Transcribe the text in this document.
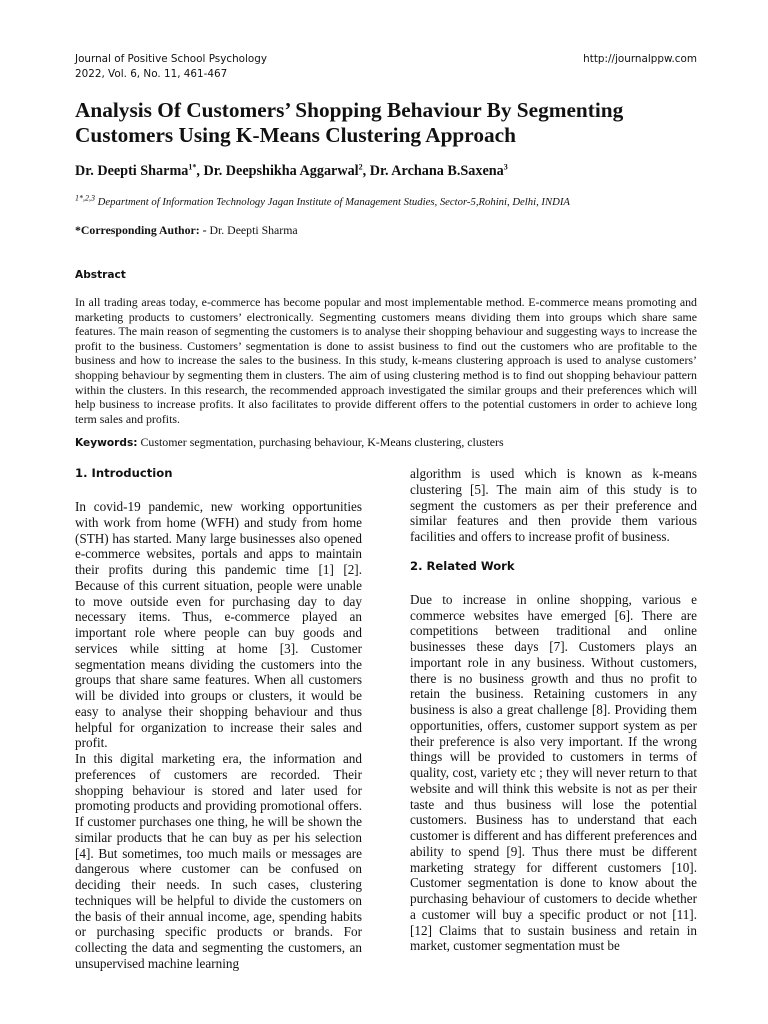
Journal of Positive School Psychology
2022, Vol. 6, No. 11, 461-467
http://journalppw.com
Analysis Of Customers’ Shopping Behaviour By Segmenting Customers Using K-Means Clustering Approach
Dr. Deepti Sharma$^{1*}$, Dr. Deepshikha Aggarwal$^2$, Dr. Archana B.Saxena$^3$
$^{1*,2,3}$ Department of Information Technology Jagan Institute of Management Studies, Sector-5,Rohini, Delhi, INDIA
*Corresponding Author: - Dr. Deepti Sharma
Abstract

In all trading areas today, e-commerce has become popular and most implementable method. E-commerce means promoting and marketing products to customers’ electronically. Segmenting customers means dividing them into groups which share same features. The main reason of segmenting the customers is to analyse their shopping behaviour and suggesting ways to increase the profit to the business. Customers’ segmentation is done to assist business to find out the customers who are profitable to the business and how to increase the sales to the business. In this study, k-means clustering approach is used to analyse customers’ shopping behaviour by segmenting them in clusters. The aim of using clustering method is to find out shopping behaviour pattern within the clusters. In this research, the recommended approach investigated the similar groups and their preferences which will help business to increase profits. It also facilitates to provide different offers to the potential customers in order to achieve long term sales and profits.

Keywords: Customer segmentation, purchasing behaviour, K-Means clustering, clusters
1. Introduction

In covid-19 pandemic, new working opportunities with work from home (WFH) and study from home (STH) has started. Many large businesses also opened e-commerce websites, portals and apps to maintain their profits during this pandemic time [1] [2]. Because of this current situation, people were unable to move outside even for purchasing day to day necessary items. Thus, e-commerce played an important role where people can buy goods and services while sitting at home [3]. Customer segmentation means dividing the customers into the groups that share same features. When all customers will be divided into groups or clusters, it would be easy to analyse their shopping behaviour and thus helpful for organization to increase their sales and profit.

In this digital marketing era, the information and preferences of customers are recorded. Their shopping behaviour is stored and later used for promoting products and providing promotional offers. If customer purchases one thing, he will be shown the similar products that he can buy as per his selection [4]. But sometimes, too much mails or messages are dangerous where customer can be confused on deciding their needs. In such cases, clustering techniques will be helpful to divide the customers on the basis of their annual income, age, spending habits or purchasing specific products or brands. For collecting the data and segmenting the customers, an unsupervised machine learning

algorithm is used which is known as k-means clustering [5]. The main aim of this study is to segment the customers as per their preference and similar features and then provide them various facilities and offers to increase profit of business.

2. Related Work

Due to increase in online shopping, various e commerce websites have emerged [6]. There are competitions between traditional and online businesses these days [7]. Customers plays an important role in any business. Without customers, there is no business growth and thus no profit to retain the business. Retaining customers in any business is also a great challenge [8]. Providing them opportunities, offers, customer support system as per their preference is also very important. If the wrong things will be provided to customers in terms of quality, cost, variety etc ; they will never return to that website and will think this website is not as per their taste and thus business will lose the potential customers. Business has to understand that each customer is different and has different preferences and ability to spend [9]. Thus there must be different marketing strategy for different customers [10]. Customer segmentation is done to know about the purchasing behaviour of customers to decide whether a customer will buy a specific product or not [11]. [12] Claims that to sustain business and retain in market, customer segmentation must be
